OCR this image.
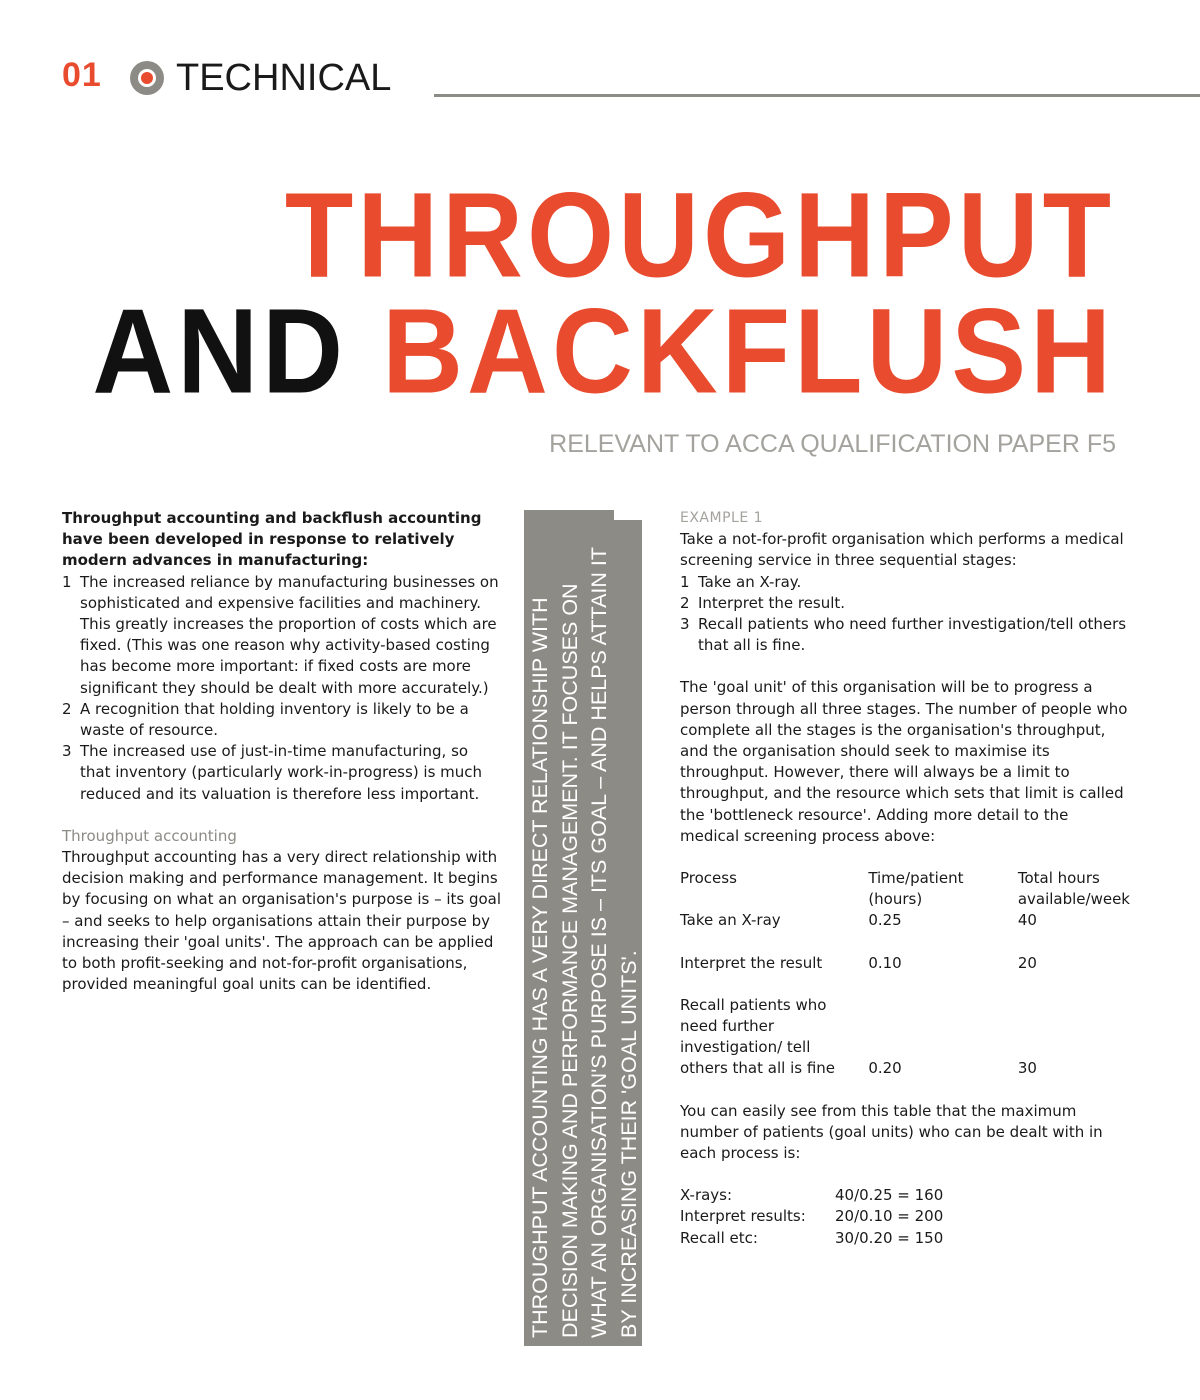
01 TECHNICAL
THROUGHPUT
AND BACKFLUSH
RELEVANT TO ACCA QUALIFICATION PAPER F5

Throughput accounting and backflush accounting have been developed in response to relatively modern advances in manufacturing:

1 The increased reliance by manufacturing businesses on sophisticated and expensive facilities and machinery. This greatly increases the proportion of costs which are fixed. (This was one reason why activity-based costing has become more important: if fixed costs are more significant they should be dealt with more accurately.)
2 A recognition that holding inventory is likely to be a waste of resource.
3 The increased use of just-in-time manufacturing, so that inventory (particularly work-in-progress) is much reduced and its valuation is therefore less important.
Throughput accounting

Throughput accounting has a very direct relationship with decision making and performance management. It begins by focusing on what an organisation's purpose is – its goal – and seeks to help organisations attain their purpose by increasing their 'goal units'. The approach can be applied to both profit-seeking and not-for-profit organisations, provided meaningful goal units can be identified.	THROUGHPUT ACCOUNTING HAS A VERY DIRECT RELATIONSHIP WITH DECISION MAKING AND PERFORMANCE MANAGEMENT. IT FOCUSES ON WHAT AN ORGANISATION'S PURPOSE IS – ITS GOAL – AND HELPS ATTAIN IT BY INCREASING THEIR 'GOAL UNITS'.
EXAMPLE 1

Take a not-for-profit organisation which performs a medical screening service in three sequential stages:

1 Take an X-ray.
2 Interpret the result.
3 Recall patients who need further investigation/tell others that all is fine.

The 'goal unit' of this organisation will be to progress a person through all three stages. The number of people who complete all the stages is the organisation's throughput, and the organisation should seek to maximise its throughput. However, there will always be a limit to throughput, and the resource which sets that limit is called the 'bottleneck resource'. Adding more detail to the medical screening process above:

Process	Time/patient (hours)	Total hours available/week
Take an X-ray	0.25	40

Interpret the result	0.10	20

Recall patients who need further investigation/ tell others that all is fine	0.20	30

You can easily see from this table that the maximum number of patients (goal units) who can be dealt with in each process is:

X-rays:	40/0.25 = 160
Interpret results:	20/0.10 = 200
Recall etc:	30/0.20 = 150
